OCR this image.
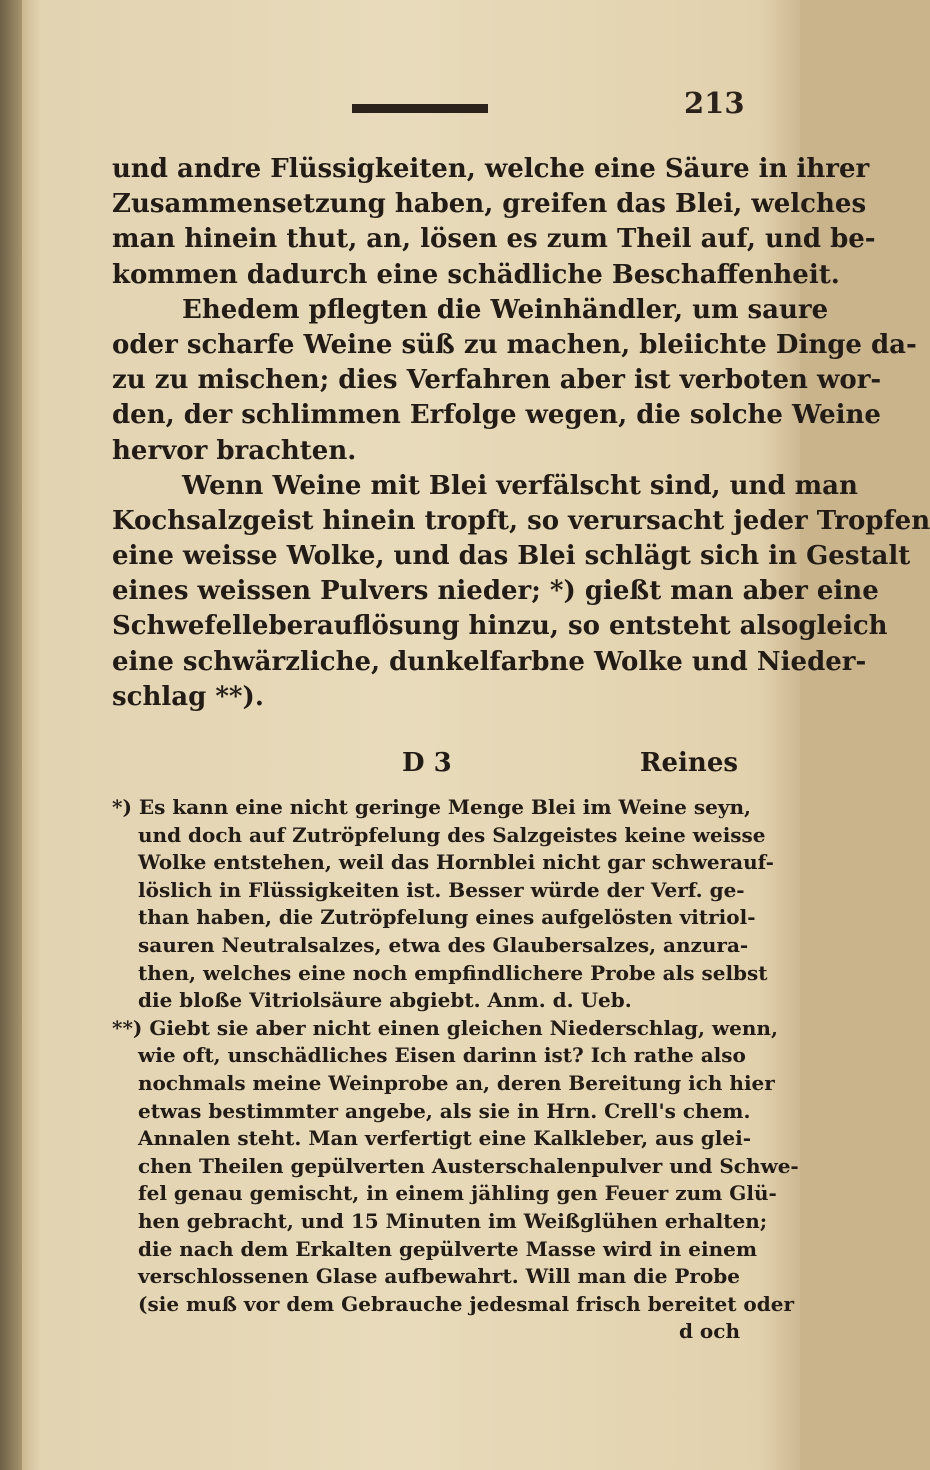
213
und andre Flüssigkeiten, welche eine Säure in ihrer
Zusammensetzung haben, greifen das Blei, welches
man hinein thut, an, lösen es zum Theil auf, und be-
kommen dadurch eine schädliche Beschaffenheit.
Ehedem pflegten die Weinhändler, um saure
oder scharfe Weine süß zu machen, bleiichte Dinge da-
zu zu mischen; dies Verfahren aber ist verboten wor-
den, der schlimmen Erfolge wegen, die solche Weine
hervor brachten.
Wenn Weine mit Blei verfälscht sind, und man
Kochsalzgeist hinein tropft, so verursacht jeder Tropfen
eine weisse Wolke, und das Blei schlägt sich in Gestalt
eines weissen Pulvers nieder; *) gießt man aber eine
Schwefelleberauflösung hinzu, so entsteht alsogleich
eine schwärzliche, dunkelfarbne Wolke und Nieder-
schlag **).
D 3	Reines
*) Es kann eine nicht geringe Menge Blei im Weine seyn,
und doch auf Zutröpfelung des Salzgeistes keine weisse
Wolke entstehen, weil das Hornblei nicht gar schwerauf-
löslich in Flüssigkeiten ist. Besser würde der Verf. ge-
than haben, die Zutröpfelung eines aufgelösten vitriol-
sauren Neutralsalzes, etwa des Glaubersalzes, anzura-
then, welches eine noch empfindlichere Probe als selbst
die bloße Vitriolsäure abgiebt. Anm. d. Ueb.
**) Giebt sie aber nicht einen gleichen Niederschlag, wenn,
wie oft, unschädliches Eisen darinn ist? Ich rathe also
nochmals meine Weinprobe an, deren Bereitung ich hier
etwas bestimmter angebe, als sie in Hrn. Crell's chem.
Annalen steht. Man verfertigt eine Kalkleber, aus glei-
chen Theilen gepülverten Austerschalenpulver und Schwe-
fel genau gemischt, in einem jähling gen Feuer zum Glü-
hen gebracht, und 15 Minuten im Weißglühen erhalten;
die nach dem Erkalten gepülverte Masse wird in einem
verschlossenen Glase aufbewahrt. Will man die Probe
(sie muß vor dem Gebrauche jedesmal frisch bereitet oder
d och
